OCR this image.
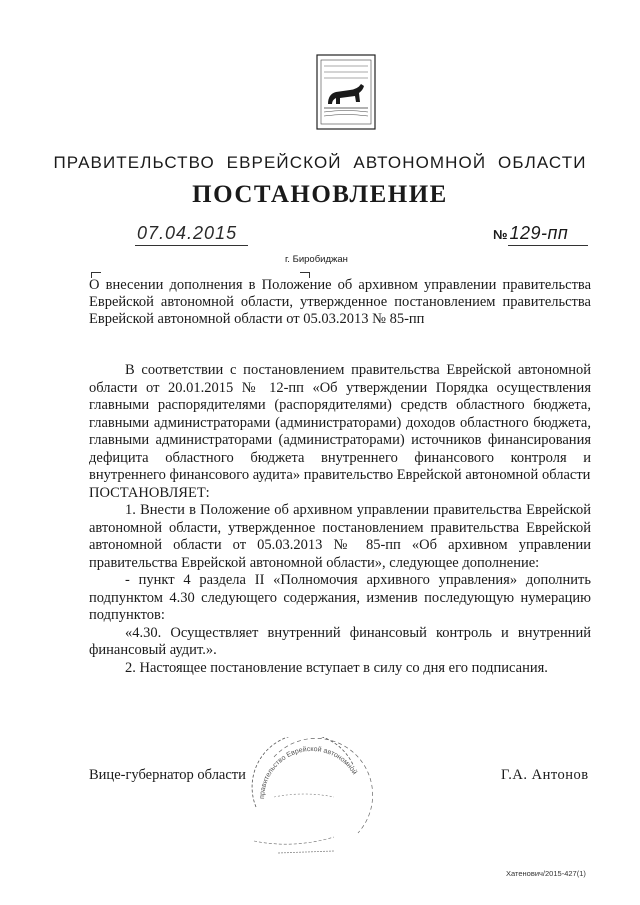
ПРАВИТЕЛЬСТВО ЕВРЕЙСКОЙ АВТОНОМНОЙ ОБЛАСТИ
ПОСТАНОВЛЕНИЕ
07.04.2015	№ 129-пп
г. Биробиджан
О внесении дополнения в Положение об архивном управлении правительства Еврейской автономной области, утвержденное постановлением правительства Еврейской автономной области от 05.03.2013 № 85-пп

В соответствии с постановлением правительства Еврейской автономной области от 20.01.2015 № 12-пп «Об утверждении Порядка осуществления главными распорядителями (распорядителями) средств областного бюджета, главными администраторами (администраторами) доходов областного бюджета, главными администраторами (администраторами) источников финансирования дефицита областного бюджета внутреннего финансового контроля и внутреннего финансового аудита» правительство Еврейской автономной области

ПОСТАНОВЛЯЕТ:

1. Внести в Положение об архивном управлении правительства Еврейской автономной области, утвержденное постановлением правительства Еврейской автономной области от 05.03.2013 № 85-пп «Об архивном управлении правительства Еврейской автономной области», следующее дополнение:

- пункт 4 раздела II «Полномочия архивного управления» дополнить подпунктом 4.30 следующего содержания, изменив последующую нумерацию подпунктов:

«4.30. Осуществляет внутренний финансовый контроль и внутренний финансовый аудит.».

2. Настоящее постановление вступает в силу со дня его подписания.

правительство Еврейской автономной
Вице-губернатор области	Г.А. Антонов
Хатенович/2015-427(1)
